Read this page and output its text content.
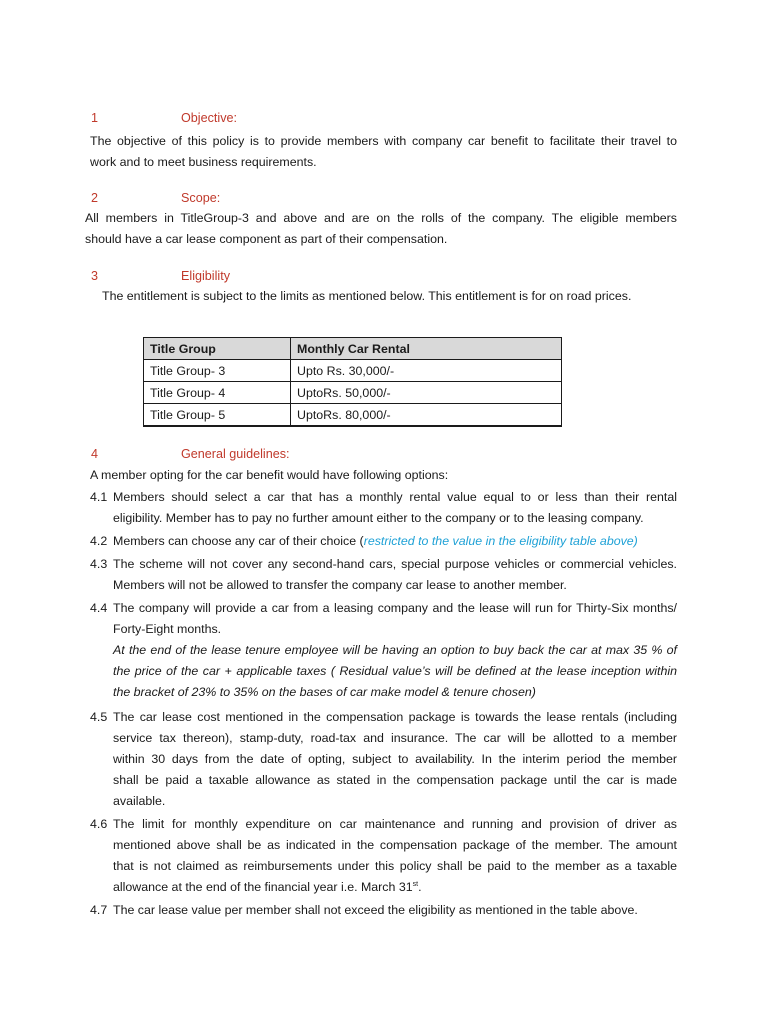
1	Objective:
The objective of this policy is to provide members with company car benefit to facilitate their travel to
work and to meet business requirements.
2	Scope:
All members in TitleGroup-3 and above and are on the rolls of the company. The eligible members
should have a car lease component as part of their compensation.
3	Eligibility
The entitlement is subject to the limits as mentioned below. This entitlement is for on road prices.
Title Group	Monthly Car Rental
Title Group- 3	Upto Rs. 30,000/-
Title Group- 4	UptoRs. 50,000/-
Title Group- 5	UptoRs. 80,000/-
4	General guidelines:
A member opting for the car benefit would have following options:
4.1 Members should select a car that has a monthly rental value equal to or less than their rental
eligibility. Member has to pay no further amount either to the company or to the leasing company.
4.2 Members can choose any car of their choice (restricted to the value in the eligibility table above)
4.3 The scheme will not cover any second-hand cars, special purpose vehicles or commercial vehicles.
Members will not be allowed to transfer the company car lease to another member.
4.4 The company will provide a car from a leasing company and the lease will run for Thirty-Six months/
Forty-Eight months.
At the end of the lease tenure employee will be having an option to buy back the car at max 35 % of
the price of the car + applicable taxes ( Residual value’s will be defined at the lease inception within
the bracket of 23% to 35% on the bases of car make model & tenure chosen)
4.5 The car lease cost mentioned in the compensation package is towards the lease rentals (including
service tax thereon), stamp-duty, road-tax and insurance. The car will be allotted to a member
within 30 days from the date of opting, subject to availability. In the interim period the member
shall be paid a taxable allowance as stated in the compensation package until the car is made
available.
4.6 The limit for monthly expenditure on car maintenance and running and provision of driver as
mentioned above shall be as indicated in the compensation package of the member. The amount
that is not claimed as reimbursements under this policy shall be paid to the member as a taxable
allowance at the end of the financial year i.e. March 31st.
4.7 The car lease value per member shall not exceed the eligibility as mentioned in the table above.
